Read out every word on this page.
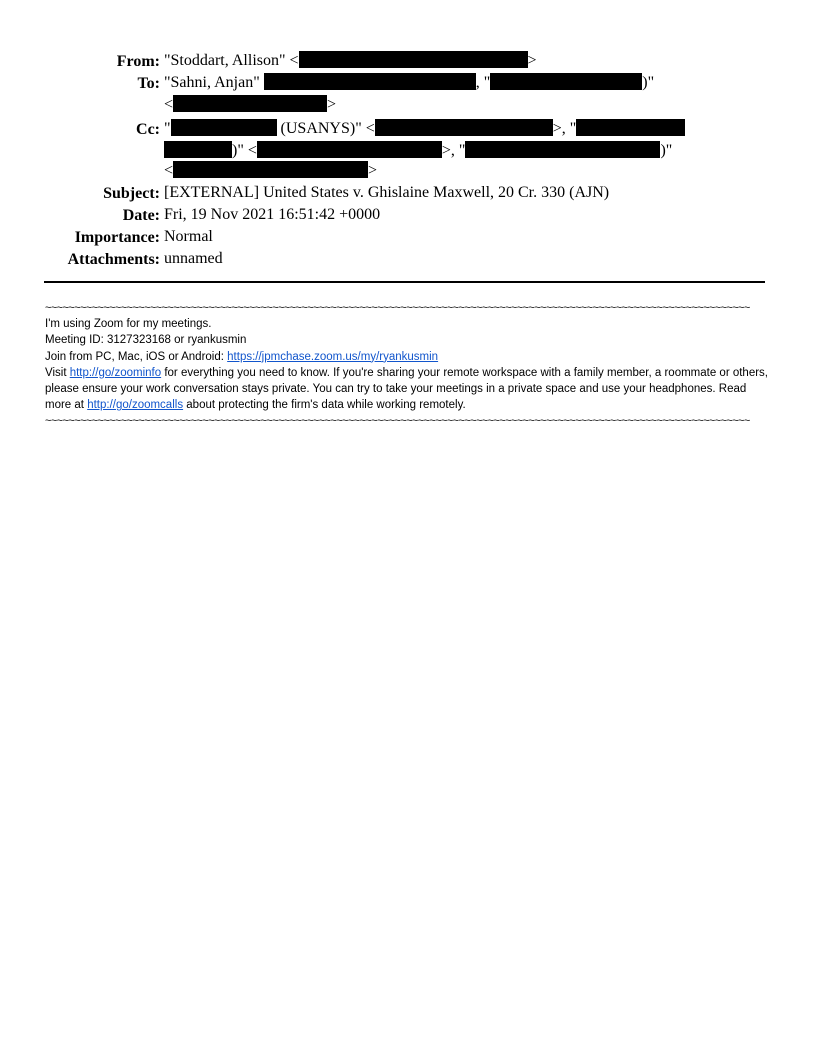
From: "Stoddart, Allison" <	>
To: "Sahni, Anjan"	, "	)"
<	>
Cc: "	(USANYS)" <	>, "
)" <	>, "	)"
<	>
Subject: [EXTERNAL] United States v. Ghislaine Maxwell, 20 Cr. 330 (AJN)
Date: Fri, 19 Nov 2021 16:51:42 +0000
Importance: Normal
Attachments: unnamed

~~~~~~~~~~~~~~~~~~~~~~~~~~~~~~~~~~~~~~~~~~~~~~~~~~~~~~~~~~~~~~~~~~~~~~~~~~~~~~~~~~~~~~~~~~~~~~~~~~~~~~~~~~~~~~~~~~~~~~~~~

I'm using Zoom for my meetings.

Meeting ID: 3127323168 or ryankusmin

Join from PC, Mac, iOS or Android: https://jpmchase.zoom.us/my/ryankusmin

Visit http://go/zoominfo for everything you need to know. If you're sharing your remote workspace with a family member, a roommate or others, please ensure your work conversation stays private. You can try to take your meetings in a private space and use your headphones. Read more at http://go/zoomcalls about protecting the firm's data while working remotely.

~~~~~~~~~~~~~~~~~~~~~~~~~~~~~~~~~~~~~~~~~~~~~~~~~~~~~~~~~~~~~~~~~~~~~~~~~~~~~~~~~~~~~~~~~~~~~~~~~~~~~~~~~~~~~~~~~~~~~~~~~
